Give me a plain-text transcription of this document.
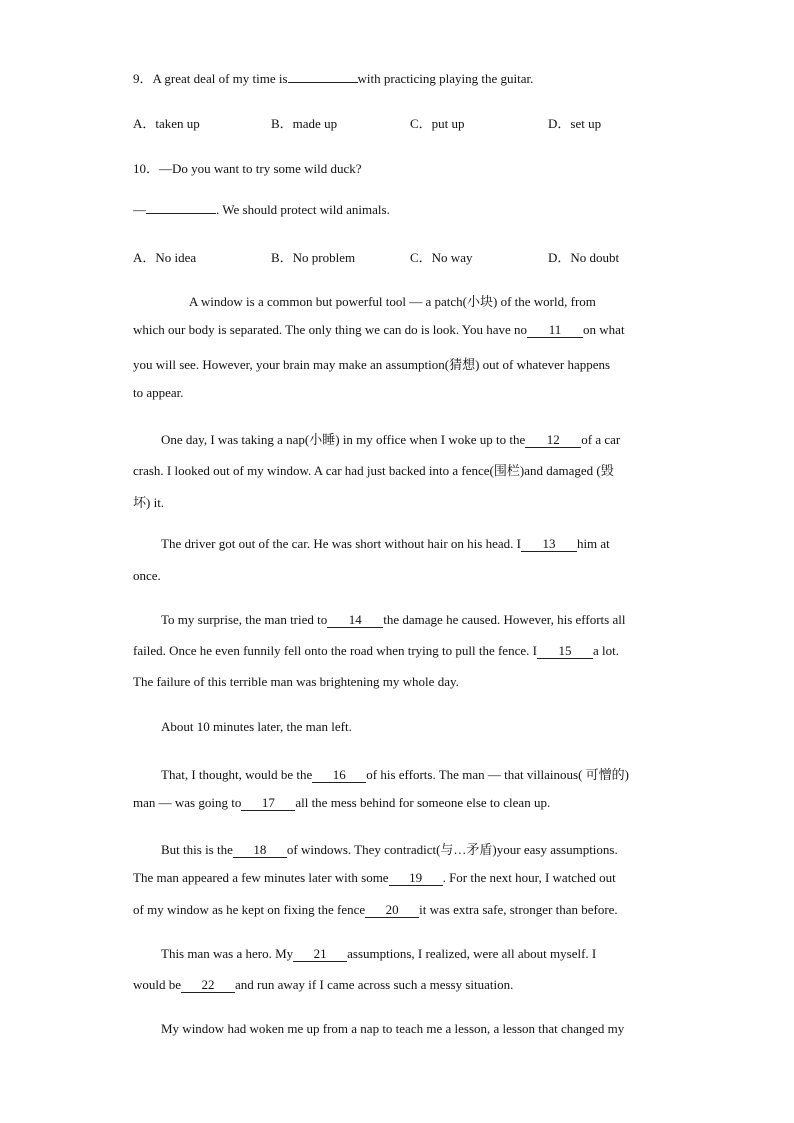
9．A great deal of my time is	with practicing playing the guitar.
A．taken up	B．made up	C．put up	D．set up
10．—Do you want to try some wild duck?
—	. We should protect wild animals.
A．No idea	B．No problem	C．No way	D．No doubt
A window is a common but powerful tool — a patch(小块) of the world, from
which our body is separated. The only thing we can do is look. You have no 11 on what
you will see. However, your brain may make an assumption(猜想) out of whatever happens
to appear.
One day, I was taking a nap(小睡) in my office when I woke up to the 12 of a car
crash. I looked out of my window. A car had just backed into a fence(围栏)and damaged (毁
坏) it.
The driver got out of the car. He was short without hair on his head. I 13 him at
once.
To my surprise, the man tried to 14 the damage he caused. However, his efforts all
failed. Once he even funnily fell onto the road when trying to pull the fence. I 15 a lot.
The failure of this terrible man was brightening my whole day.
About 10 minutes later, the man left.
That, I thought, would be the 16 of his efforts. The man — that villainous( 可憎的)
man — was going to 17 all the mess behind for someone else to clean up.
But this is the 18 of windows. They contradict(与…矛盾)your easy assumptions.
The man appeared a few minutes later with some 19 . For the next hour, I watched out
of my window as he kept on fixing the fence 20 it was extra safe, stronger than before.
This man was a hero. My 21 assumptions, I realized, were all about myself. I
would be 22 and run away if I came across such a messy situation.
My window had woken me up from a nap to teach me a lesson, a lesson that changed my
